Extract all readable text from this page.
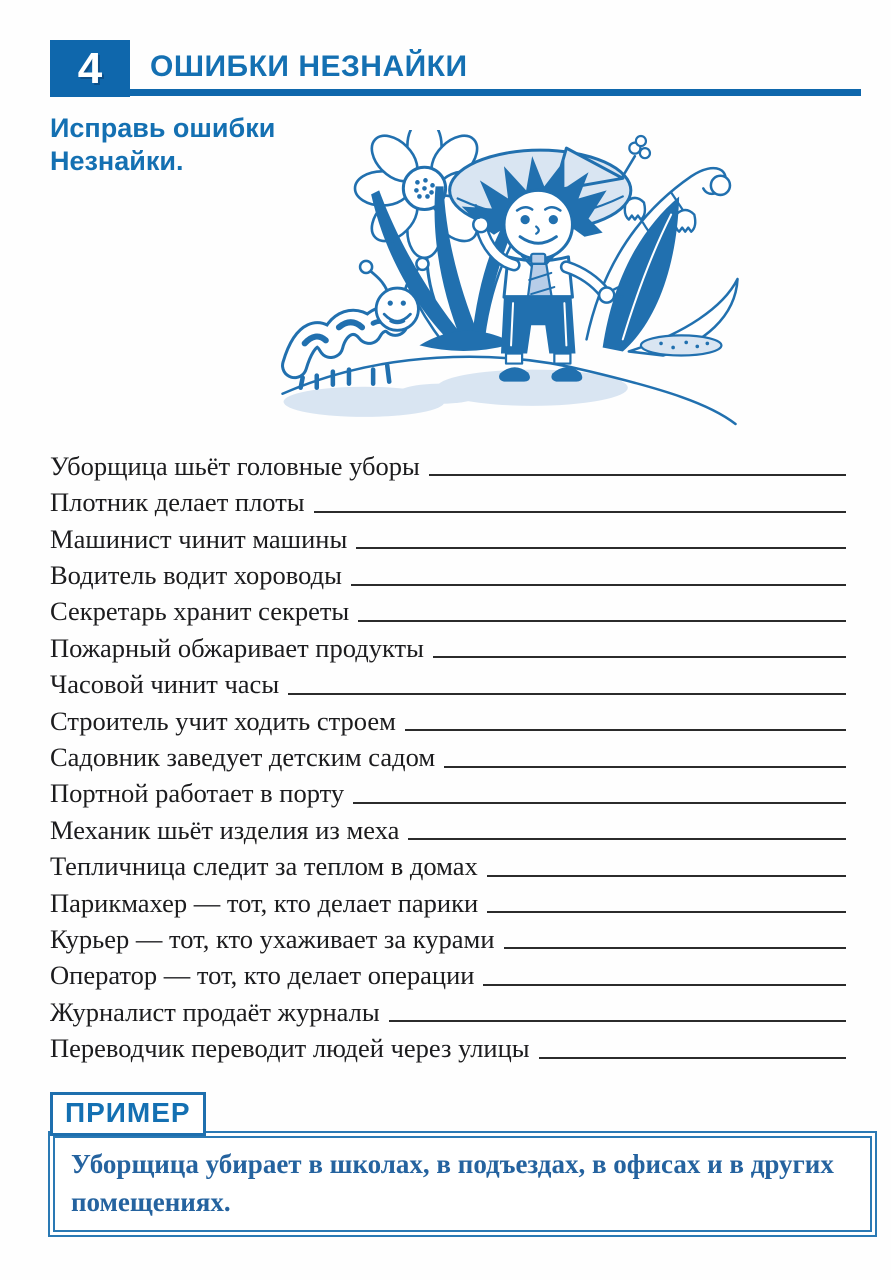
4 ОШИБКИ НЕЗНАЙКИ
Исправь ошибки Незнайки.
Уборщица шьёт головные уборы
Плотник делает плоты
Машинист чинит машины
Водитель водит хороводы
Секретарь хранит секреты
Пожарный обжаривает продукты
Часовой чинит часы
Строитель учит ходить строем
Садовник заведует детским садом
Портной работает в порту
Механик шьёт изделия из меха
Тепличница следит за теплом в домах
Парикмахер — тот, кто делает парики
Курьер — тот, кто ухаживает за курами
Оператор — тот, кто делает операции
Журналист продаёт журналы
Переводчик переводит людей через улицы
ПРИМЕР

Уборщица убирает в школах, в подъездах, в офисах и в других помещениях.
